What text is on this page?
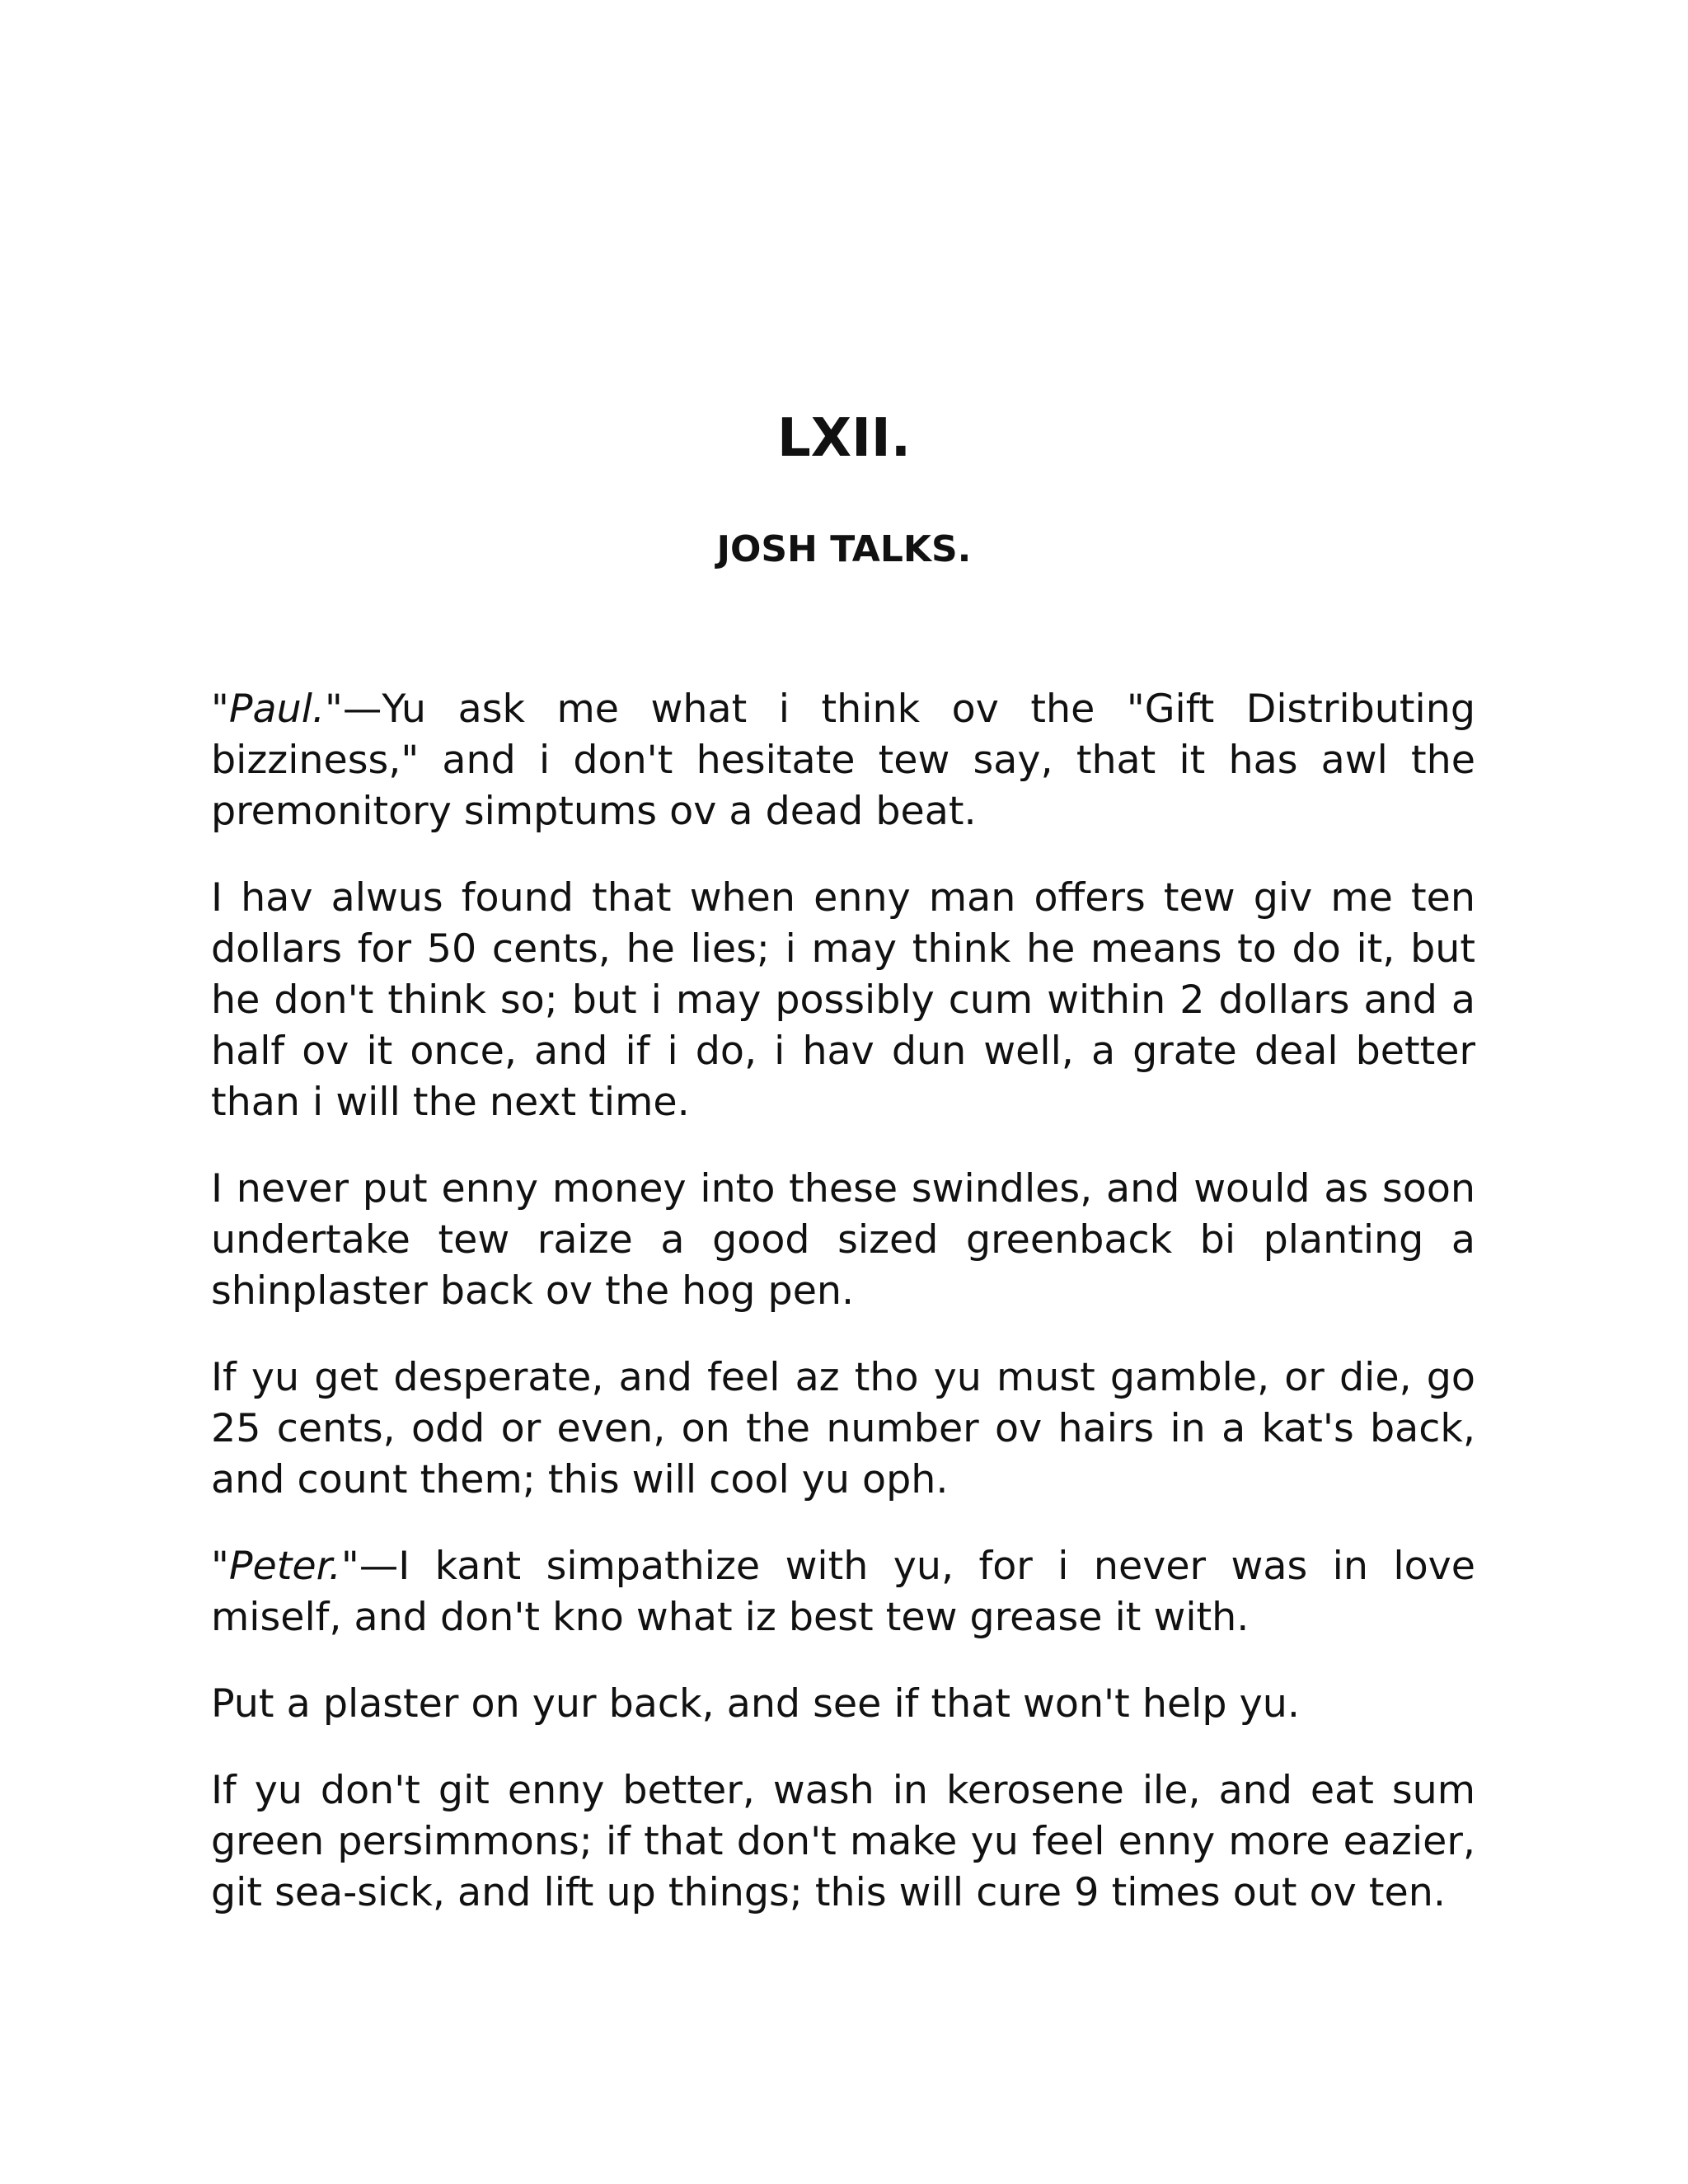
LXII.
JOSH TALKS.

"Paul."—Yu ask me what i think ov the "Gift Distributing bizziness," and i don't hesitate tew say, that it has awl the premonitory simptums ov a dead beat.

I hav alwus found that when enny man offers tew giv me ten dollars for 50 cents, he lies; i may think he means to do it, but he don't think so; but i may possibly cum within 2 dollars and a half ov it once, and if i do, i hav dun well, a grate deal better than i will the next time.

I never put enny money into these swindles, and would as soon undertake tew raize a good sized greenback bi planting a shinplaster back ov the hog pen.

If yu get desperate, and feel az tho yu must gamble, or die, go 25 cents, odd or even, on the number ov hairs in a kat's back, and count them; this will cool yu oph.

"Peter."—I kant simpathize with yu, for i never was in love miself, and don't kno what iz best tew grease it with.

Put a plaster on yur back, and see if that won't help yu.

If yu don't git enny better, wash in kerosene ile, and eat sum green persimmons; if that don't make yu feel enny more eazier, git sea-sick, and lift up things; this will cure 9 times out ov ten.
